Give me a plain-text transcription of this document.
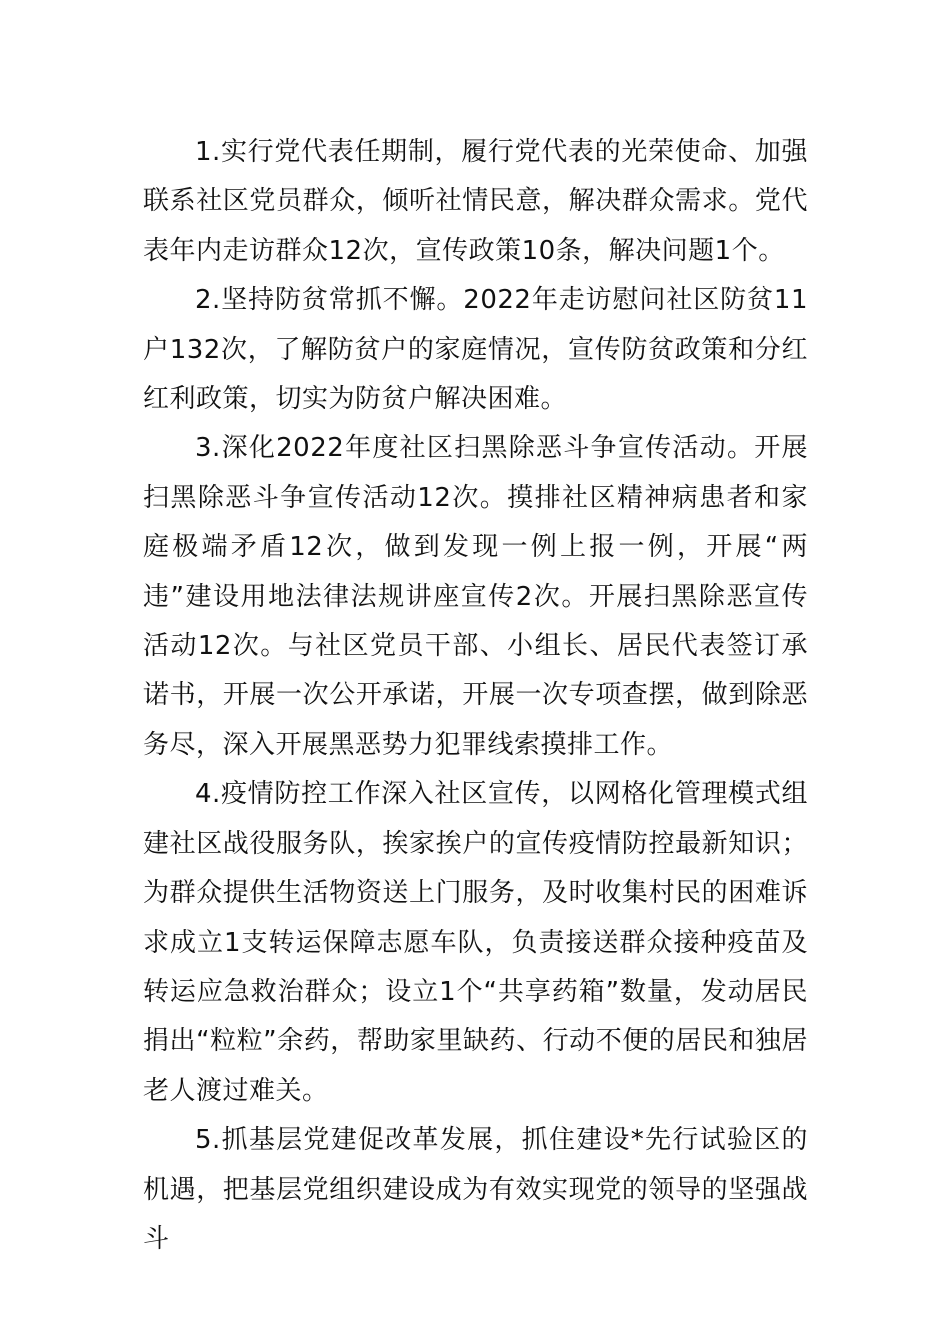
1.实行党代表任期制，履行党代表的光荣使命、加强联系社区党员群众，倾听社情民意，解决群众需求。党代表年内走访群众12次，宣传政策10条，解决问题1个。

2.坚持防贫常抓不懈。2022年走访慰问社区防贫11户132次，了解防贫户的家庭情况，宣传防贫政策和分红红利政策，切实为防贫户解决困难。

3.深化2022年度社区扫黑除恶斗争宣传活动。开展扫黑除恶斗争宣传活动12次。摸排社区精神病患者和家庭极端矛盾12次，做到发现一例上报一例，开展“两违”建设用地法律法规讲座宣传2次。开展扫黑除恶宣传活动12次。与社区党员干部、小组长、居民代表签订承诺书，开展一次公开承诺，开展一次专项查摆，做到除恶务尽，深入开展黑恶势力犯罪线索摸排工作。

4.疫情防控工作深入社区宣传，以网格化管理模式组建社区战役服务队，挨家挨户的宣传疫情防控最新知识；为群众提供生活物资送上门服务，及时收集村民的困难诉求成立1支转运保障志愿车队，负责接送群众接种疫苗及转运应急救治群众；设立1个“共享药箱”数量，发动居民捐出“粒粒”余药，帮助家里缺药、行动不便的居民和独居老人渡过难关。

5.抓基层党建促改革发展，抓住建设*先行试验区的机遇，把基层党组织建设成为有效实现党的领导的坚强战斗
